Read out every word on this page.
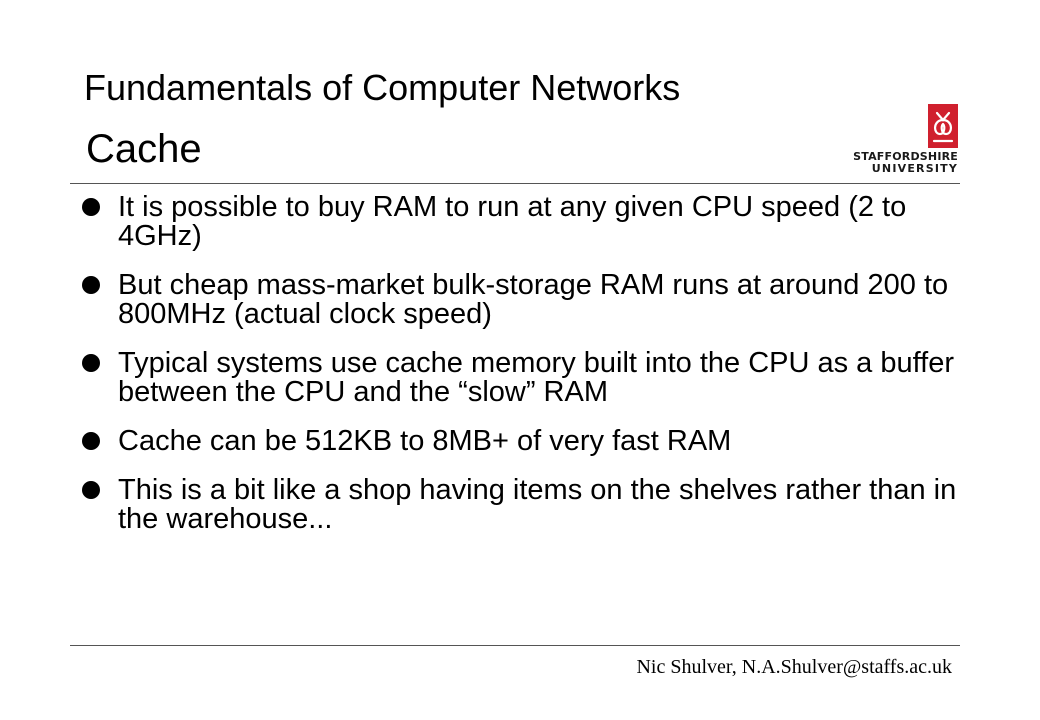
Fundamentals of Computer Networks
Cache	STAFFORDSHIRE
UNIVERSITY
It is possible to buy RAM to run at any given CPU speed (2 to 4GHz)
But cheap mass-market bulk-storage RAM runs at around 200 to 800MHz (actual clock speed)
Typical systems use cache memory built into the CPU as a buffer between the CPU and the “slow” RAM
Cache can be 512KB to 8MB+ of very fast RAM
This is a bit like a shop having items on the shelves rather than in the warehouse...
Nic Shulver, N.A.Shulver@staffs.ac.uk
